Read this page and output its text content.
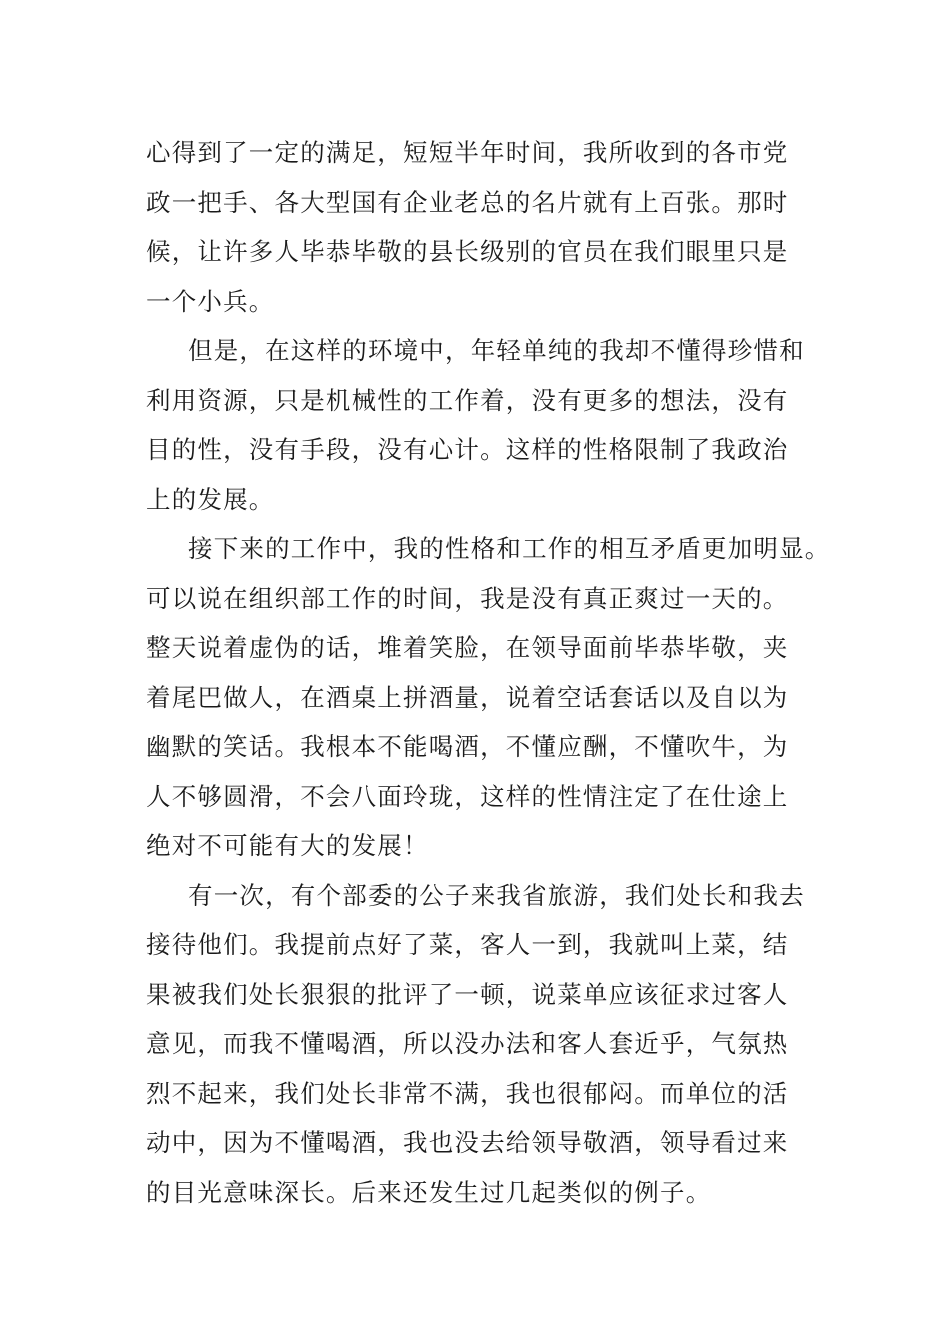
心得到了一定的满足，短短半年时间，我所收到的各市党
政一把手、各大型国有企业老总的名片就有上百张。那时
候，让许多人毕恭毕敬的县长级别的官员在我们眼里只是
一个小兵。
但是，在这样的环境中，年轻单纯的我却不懂得珍惜和
利用资源，只是机械性的工作着，没有更多的想法，没有
目的性，没有手段，没有心计。这样的性格限制了我政治
上的发展。
接下来的工作中，我的性格和工作的相互矛盾更加明显。
可以说在组织部工作的时间，我是没有真正爽过一天的。
整天说着虚伪的话，堆着笑脸，在领导面前毕恭毕敬，夹
着尾巴做人，在酒桌上拼酒量，说着空话套话以及自以为
幽默的笑话。我根本不能喝酒，不懂应酬，不懂吹牛，为
人不够圆滑，不会八面玲珑，这样的性情注定了在仕途上
绝对不可能有大的发展！
有一次，有个部委的公子来我省旅游，我们处长和我去
接待他们。我提前点好了菜，客人一到，我就叫上菜，结
果被我们处长狠狠的批评了一顿，说菜单应该征求过客人
意见，而我不懂喝酒，所以没办法和客人套近乎，气氛热
烈不起来，我们处长非常不满，我也很郁闷。而单位的活
动中，因为不懂喝酒，我也没去给领导敬酒，领导看过来
的目光意味深长。后来还发生过几起类似的例子。
